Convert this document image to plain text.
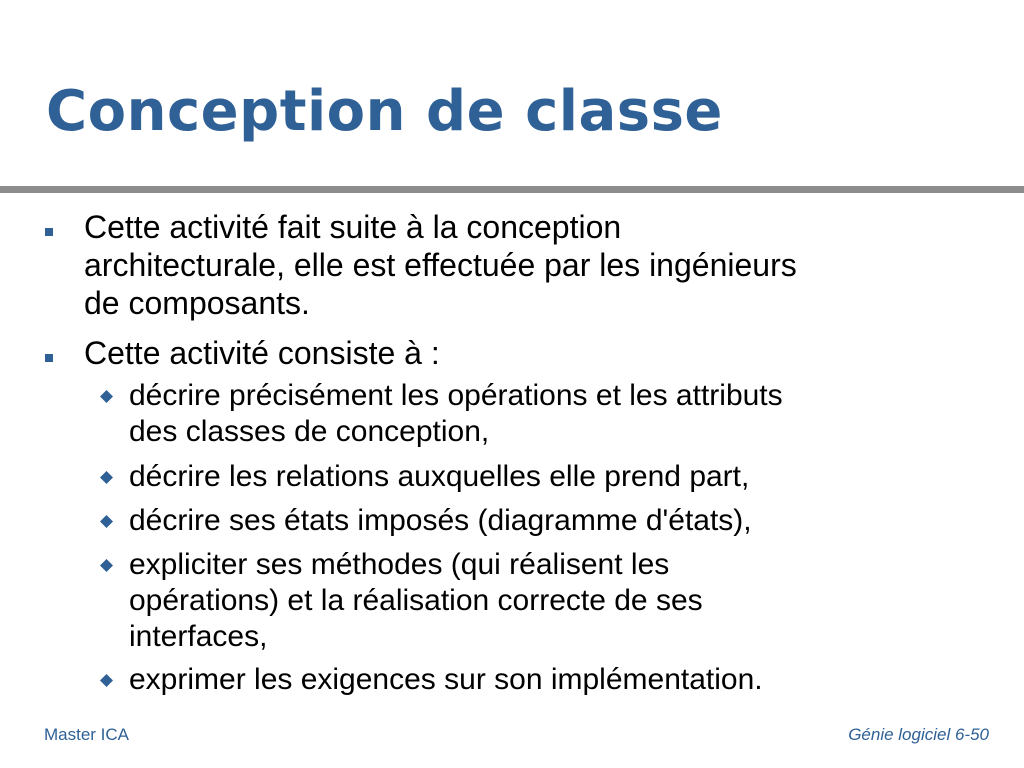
Conception de classe
Cette activité fait suite à la conception
architecturale, elle est effectuée par les ingénieurs
de composants.
Cette activité consiste à :
décrire précisément les opérations et les attributs
des classes de conception,
décrire les relations auxquelles elle prend part,
décrire ses états imposés (diagramme d'états),
expliciter ses méthodes (qui réalisent les
opérations) et la réalisation correcte de ses
interfaces,
exprimer les exigences sur son implémentation.
Master ICA	Génie logiciel 6-50
